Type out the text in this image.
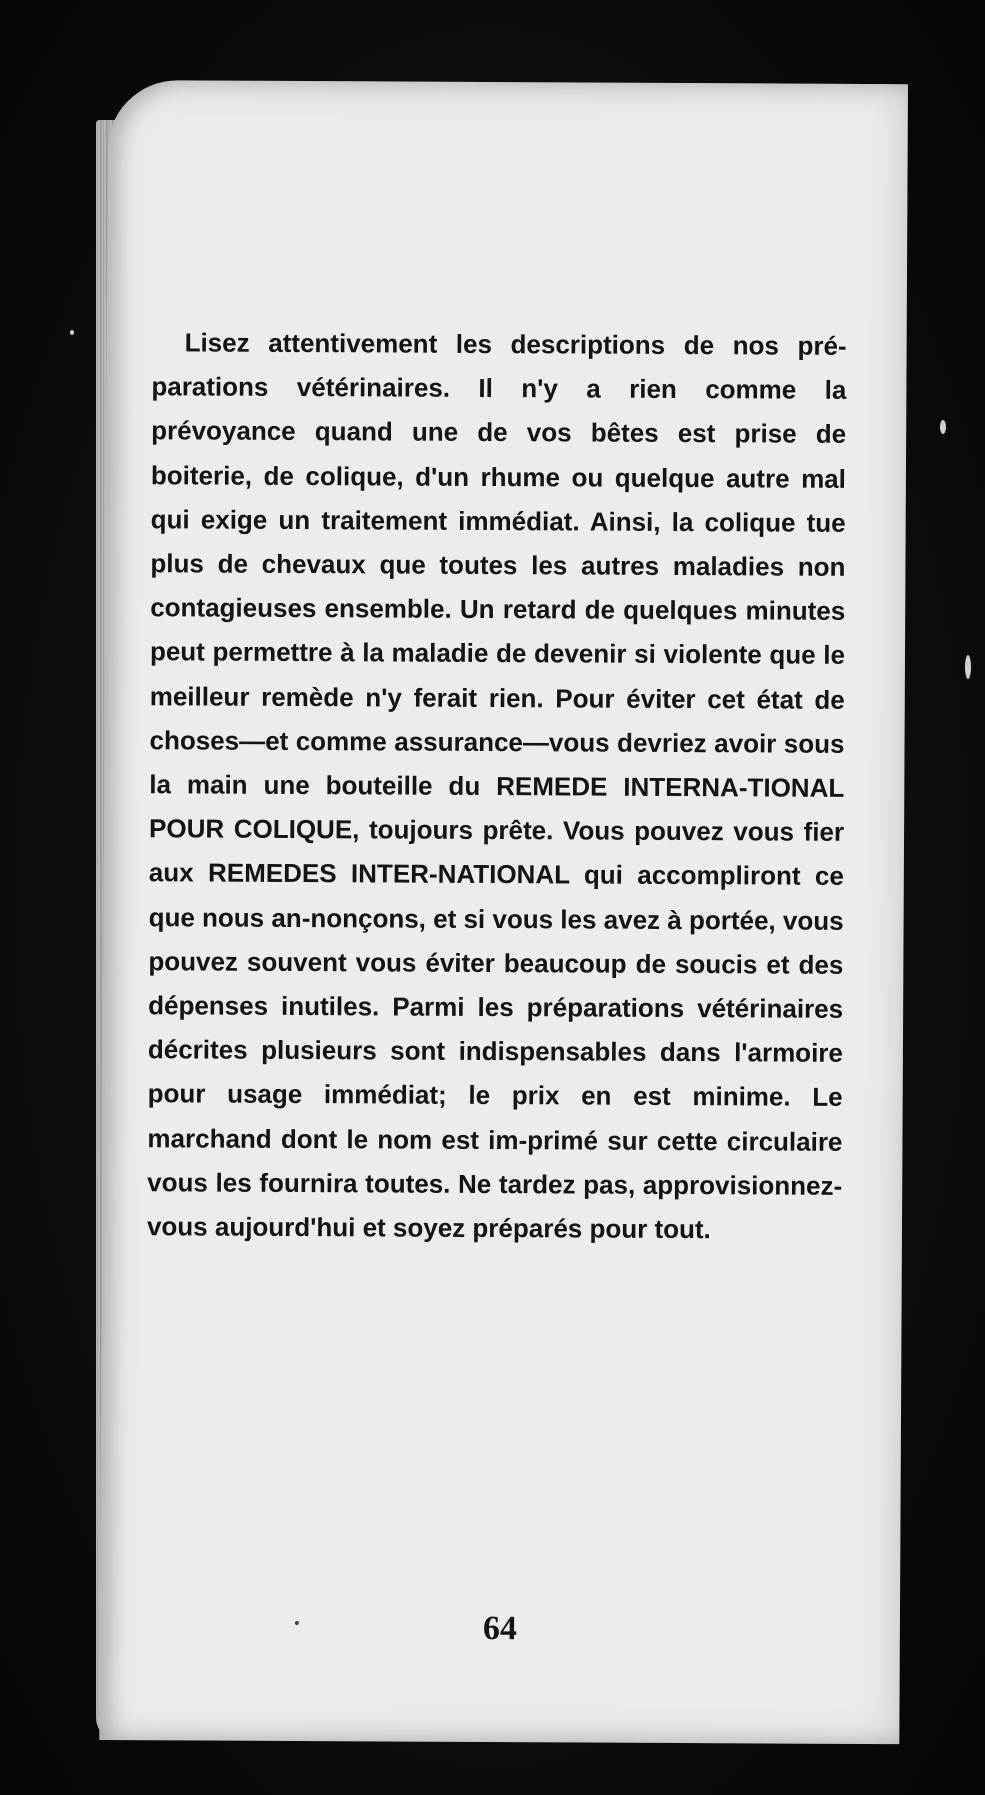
Lisez attentivement les descriptions de nos pré-parations vétérinaires. Il n'y a rien comme la prévoyance quand une de vos bêtes est prise de boiterie, de colique, d'un rhume ou quelque autre mal qui exige un traitement immédiat. Ainsi, la colique tue plus de chevaux que toutes les autres maladies non contagieuses ensemble. Un retard de quelques minutes peut permettre à la maladie de devenir si violente que le meilleur remède n'y ferait rien. Pour éviter cet état de choses—et comme assurance—vous devriez avoir sous la main une bouteille du REMEDE INTERNA-TIONAL POUR COLIQUE, toujours prête. Vous pouvez vous fier aux REMEDES INTER-NATIONAL qui accompliront ce que nous an-nonçons, et si vous les avez à portée, vous pouvez souvent vous éviter beaucoup de soucis et des dépenses inutiles. Parmi les préparations vétérinaires décrites plusieurs sont indispensables dans l'armoire pour usage immédiat; le prix en est minime. Le marchand dont le nom est im-primé sur cette circulaire vous les fournira toutes. Ne tardez pas, approvisionnez-vous aujourd'hui et soyez préparés pour tout.

64
